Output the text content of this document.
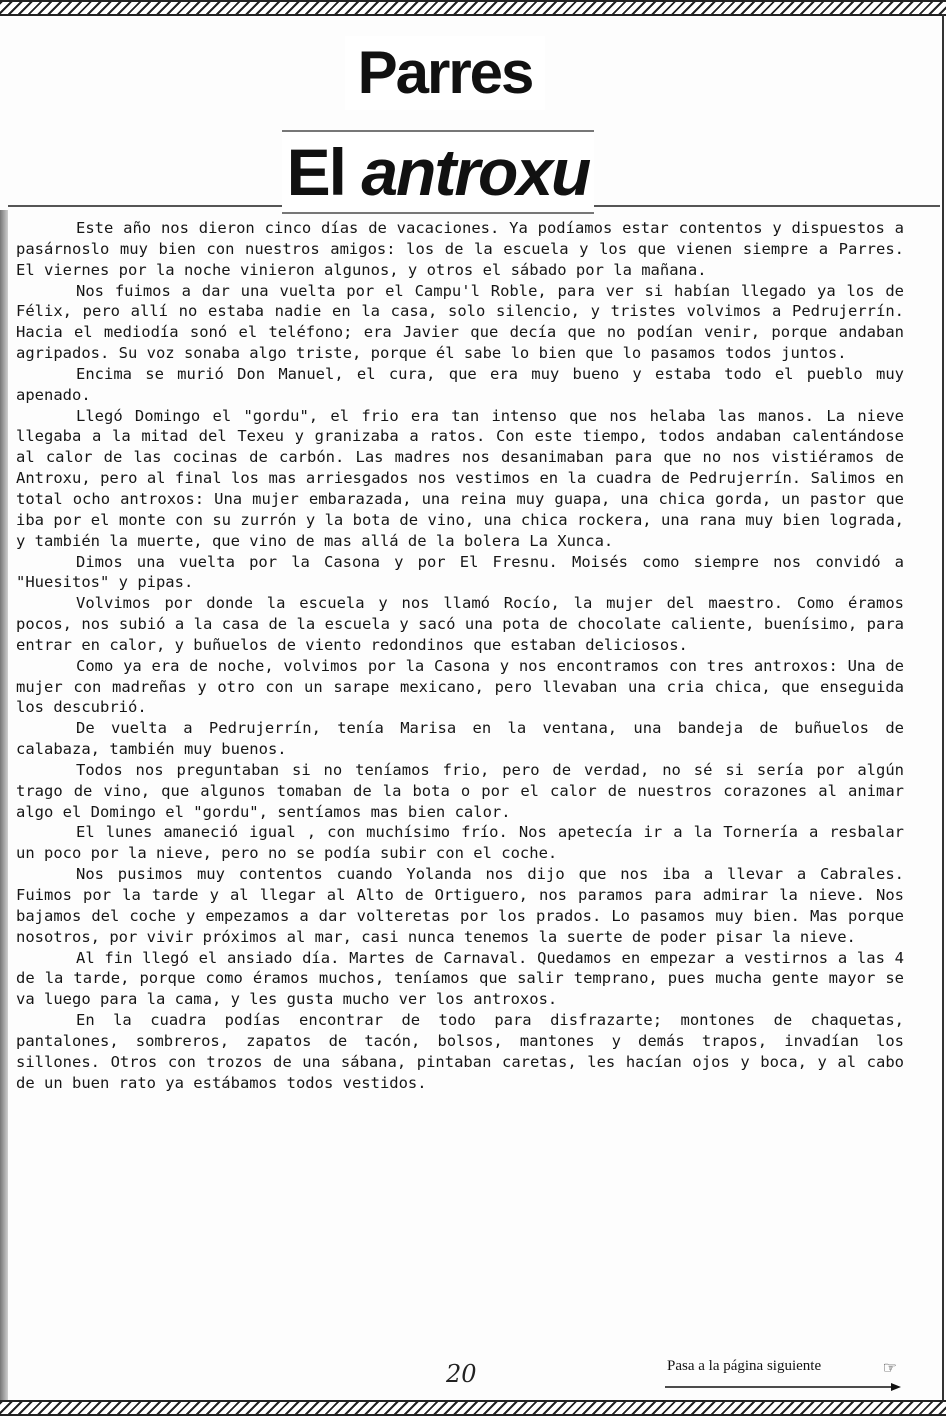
Parres
El antroxu

Este año nos dieron cinco días de vacaciones. Ya podíamos estar contentos y dispuestos a pasárnoslo muy bien con nuestros amigos: los de la escuela y los que vienen siempre a Parres. El viernes por la noche vinieron algunos, y otros el sábado por la mañana.

Nos fuimos a dar una vuelta por el Campu'l Roble, para ver si habían llegado ya los de Félix, pero allí no estaba nadie en la casa, solo silencio, y tristes volvimos a Pedrujerrín. Hacia el mediodía sonó el teléfono; era Javier que decía que no podían venir, porque andaban agripados. Su voz sonaba algo triste, porque él sabe lo bien que lo pasamos todos juntos.

Encima se murió Don Manuel, el cura, que era muy bueno y estaba todo el pueblo muy apenado.

Llegó Domingo el "gordu", el frio era tan intenso que nos helaba las manos. La nieve llegaba a la mitad del Texeu y granizaba a ratos. Con este tiempo, todos andaban calentándose al calor de las cocinas de carbón. Las madres nos desanimaban para que no nos vistiéramos de Antroxu, pero al final los mas arriesgados nos vestimos en la cuadra de Pedrujerrín. Salimos en total ocho antroxos: Una mujer embarazada, una reina muy guapa, una chica gorda, un pastor que iba por el monte con su zurrón y la bota de vino, una chica rockera, una rana muy bien lograda, y también la muerte, que vino de mas allá de la bolera La Xunca.

Dimos una vuelta por la Casona y por El Fresnu. Moisés como siempre nos convidó a "Huesitos" y pipas.

Volvimos por donde la escuela y nos llamó Rocío, la mujer del maestro. Como éramos pocos, nos subió a la casa de la escuela y sacó una pota de chocolate caliente, buenísimo, para entrar en calor, y buñuelos de viento redondinos que estaban deliciosos.

Como ya era de noche, volvimos por la Casona y nos encontramos con tres antroxos: Una de mujer con madreñas y otro con un sarape mexicano, pero llevaban una cria chica, que enseguida los descubrió.

De vuelta a Pedrujerrín, tenía Marisa en la ventana, una bandeja de buñuelos de calabaza, también muy buenos.

Todos nos preguntaban si no teníamos frio, pero de verdad, no sé si sería por algún trago de vino, que algunos tomaban de la bota o por el calor de nuestros corazones al animar algo el Domingo el "gordu", sentíamos mas bien calor.

El lunes amaneció igual , con muchísimo frío. Nos apetecía ir a la Tornería a resbalar un poco por la nieve, pero no se podía subir con el coche.

Nos pusimos muy contentos cuando Yolanda nos dijo que nos iba a llevar a Cabrales. Fuimos por la tarde y al llegar al Alto de Ortiguero, nos paramos para admirar la nieve. Nos bajamos del coche y empezamos a dar volteretas por los prados. Lo pasamos muy bien. Mas porque nosotros, por vivir próximos al mar, casi nunca tenemos la suerte de poder pisar la nieve.

Al fin llegó el ansiado día. Martes de Carnaval. Quedamos en empezar a vestirnos a las 4 de la tarde, porque como éramos muchos, teníamos que salir temprano, pues mucha gente mayor se va luego para la cama, y les gusta mucho ver los antroxos.

En la cuadra podías encontrar de todo para disfrazarte; montones de chaquetas, pantalones, sombreros, zapatos de tacón, bolsos, mantones y demás trapos, invadían los sillones. Otros con trozos de una sábana, pintaban caretas, les hacían ojos y boca, y al cabo de un buen rato ya estábamos todos vestidos.

20	Pasa a la página siguiente	☞
